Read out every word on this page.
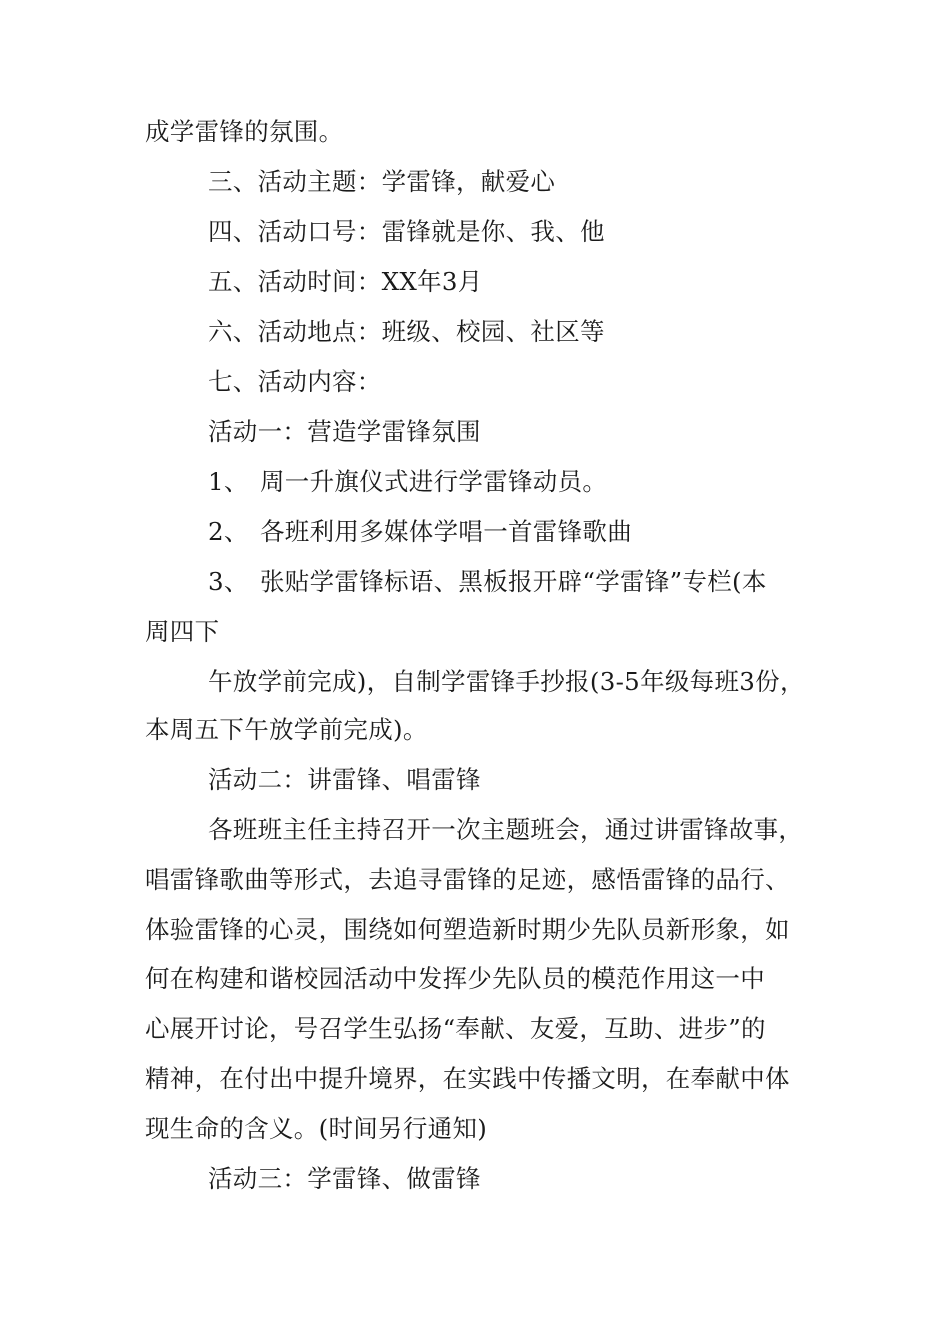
成学雷锋的氛围。
三、活动主题：学雷锋，献爱心
四、活动口号：雷锋就是你、我、他
五、活动时间：XX年3月
六、活动地点：班级、校园、社区等
七、活动内容：
活动一：营造学雷锋氛围
1、 周一升旗仪式进行学雷锋动员。
2、 各班利用多媒体学唱一首雷锋歌曲
3、 张贴学雷锋标语、黑板报开辟“学雷锋”专栏(本
周四下
午放学前完成)，自制学雷锋手抄报(3-5年级每班3份，
本周五下午放学前完成)。
活动二：讲雷锋、唱雷锋
各班班主任主持召开一次主题班会，通过讲雷锋故事，
唱雷锋歌曲等形式，去追寻雷锋的足迹，感悟雷锋的品行、
体验雷锋的心灵，围绕如何塑造新时期少先队员新形象，如
何在构建和谐校园活动中发挥少先队员的模范作用这一中
心展开讨论，号召学生弘扬“奉献、友爱，互助、进步”的
精神，在付出中提升境界，在实践中传播文明，在奉献中体
现生命的含义。(时间另行通知)
活动三：学雷锋、做雷锋
